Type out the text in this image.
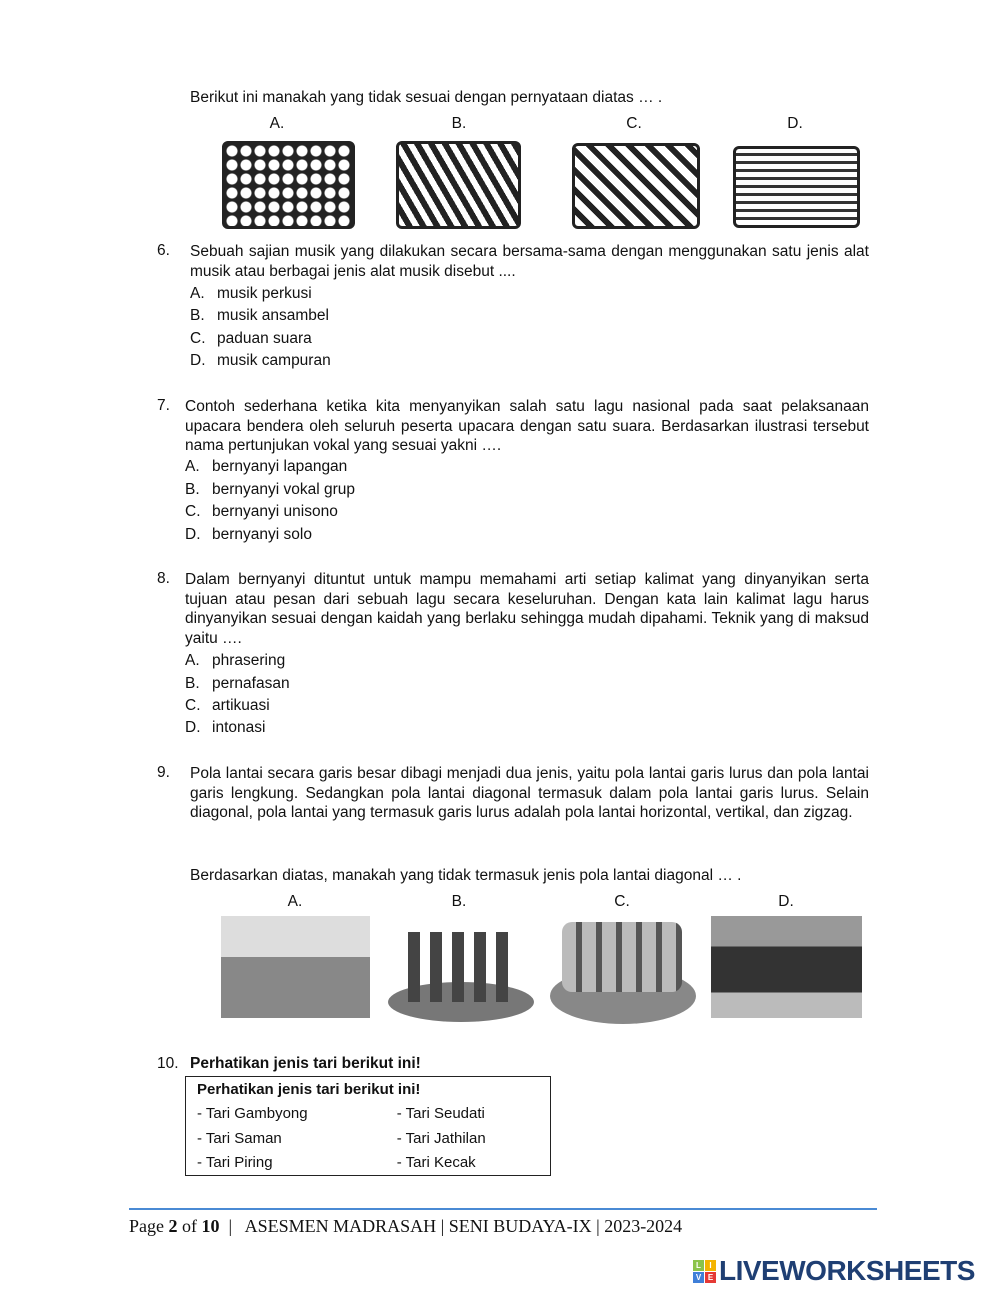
Berikut ini manakah yang tidak sesuai dengan pernyataan diatas … .
A.	B.	C.	D.
6. Sebuah sajian musik yang dilakukan secara bersama-sama dengan menggunakan satu jenis alat musik atau berbagai jenis alat musik disebut ....
A. musik perkusi
B. musik ansambel
C. paduan suara
D. musik campuran
7. Contoh sederhana ketika kita menyanyikan salah satu lagu nasional pada saat pelaksanaan upacara bendera oleh seluruh peserta upacara dengan satu suara. Berdasarkan ilustrasi tersebut nama pertunjukan vokal yang sesuai yakni ….
A. bernyanyi lapangan
B. bernyanyi vokal grup
C. bernyanyi unisono
D. bernyanyi solo
8. Dalam bernyanyi dituntut untuk mampu memahami arti setiap kalimat yang dinyanyikan serta tujuan atau pesan dari sebuah lagu secara keseluruhan. Dengan kata lain kalimat lagu harus dinyanyikan sesuai dengan kaidah yang berlaku sehingga mudah dipahami. Teknik yang di maksud yaitu ….
A. phrasering
B. pernafasan
C. artikuasi
D. intonasi
9. Pola lantai secara garis besar dibagi menjadi dua jenis, yaitu pola lantai garis lurus dan pola lantai garis lengkung. Sedangkan pola lantai diagonal termasuk dalam pola lantai garis lurus. Selain diagonal, pola lantai yang termasuk garis lurus adalah pola lantai horizontal, vertikal, dan zigzag.
Berdasarkan diatas, manakah yang tidak termasuk jenis pola lantai diagonal … .
A.	B.	C.	D.
10. Perhatikan jenis tari berikut ini!
Perhatikan jenis tari berikut ini!	
- Tari Gambyong	- Tari Seudati
- Tari Saman	- Tari Jathilan
- Tari Piring	- Tari Kecak
Page 2 of 10  |   ASESMEN MADRASAH | SENI BUDAYA-IX | 2023-2024
L	I
V E LIVEWORKSHEETS
